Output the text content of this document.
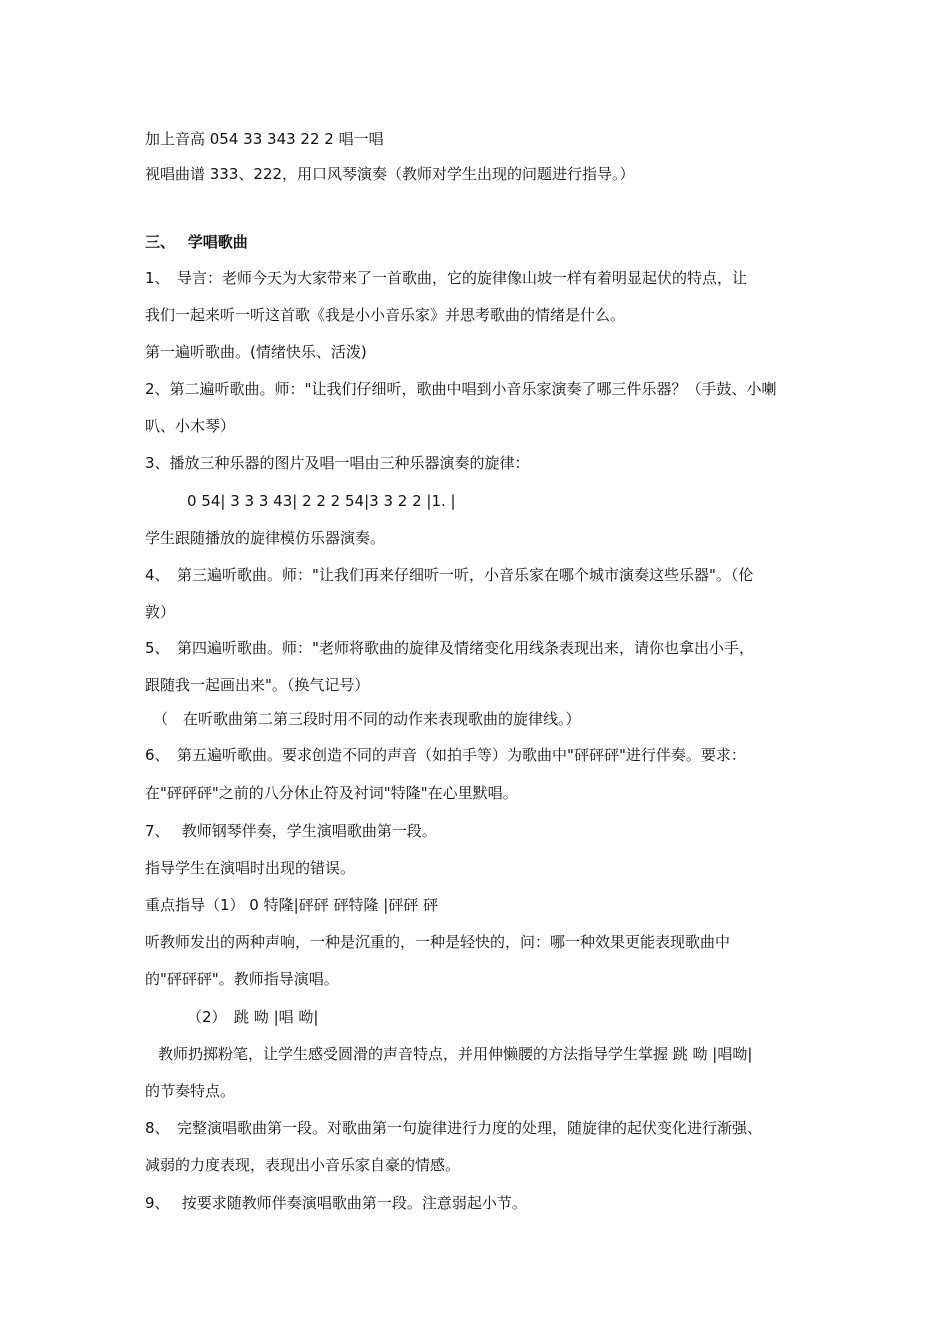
加上音高 054 33 343 22 2 唱一唱

视唱曲谱 333、222，用口风琴演奏（教师对学生出现的问题进行指导。）

三、　 学唱歌曲

1、　导言：老师今天为大家带来了一首歌曲，它的旋律像山坡一样有着明显起伏的特点，让

我们一起来听一听这首歌《我是小小音乐家》并思考歌曲的情绪是什么。

第一遍听歌曲。(情绪快乐、活泼)

2、第二遍听歌曲。师："让我们仔细听，歌曲中唱到小音乐家演奏了哪三件乐器？（手鼓、小喇

叭、小木琴）

3、播放三种乐器的图片及唱一唱由三种乐器演奏的旋律：

0 54| 3 3 3 43| 2 2 2 54|3 3 2 2 |1. |

学生跟随播放的旋律模仿乐器演奏。

4、　第三遍听歌曲。师："让我们再来仔细听一听，小音乐家在哪个城市演奏这些乐器"。（伦

敦）

5、　第四遍听歌曲。师："老师将歌曲的旋律及情绪变化用线条表现出来，请你也拿出小手，

跟随我一起画出来"。（换气记号）

（　在听歌曲第二第三段时用不同的动作来表现歌曲的旋律线。）

6、　第五遍听歌曲。要求创造不同的声音（如拍手等）为歌曲中"砰砰砰"进行伴奏。要求：

在"砰砰砰"之前的八分休止符及衬词"特隆"在心里默唱。

7、　 教师钢琴伴奏，学生演唱歌曲第一段。

指导学生在演唱时出现的错误。

重点指导（1） 0 特隆|砰砰 砰特隆 |砰砰 砰

听教师发出的两种声响，一种是沉重的，一种是轻快的，问：哪一种效果更能表现歌曲中

的"砰砰砰"。教师指导演唱。

（2）　跳 呦 |唱 呦|

教师扔掷粉笔，让学生感受圆滑的声音特点，并用伸懒腰的方法指导学生掌握 跳 呦 |唱呦|

的节奏特点。

8、　完整演唱歌曲第一段。对歌曲第一句旋律进行力度的处理，随旋律的起伏变化进行渐强、

减弱的力度表现，表现出小音乐家自豪的情感。

9、　 按要求随教师伴奏演唱歌曲第一段。注意弱起小节。
